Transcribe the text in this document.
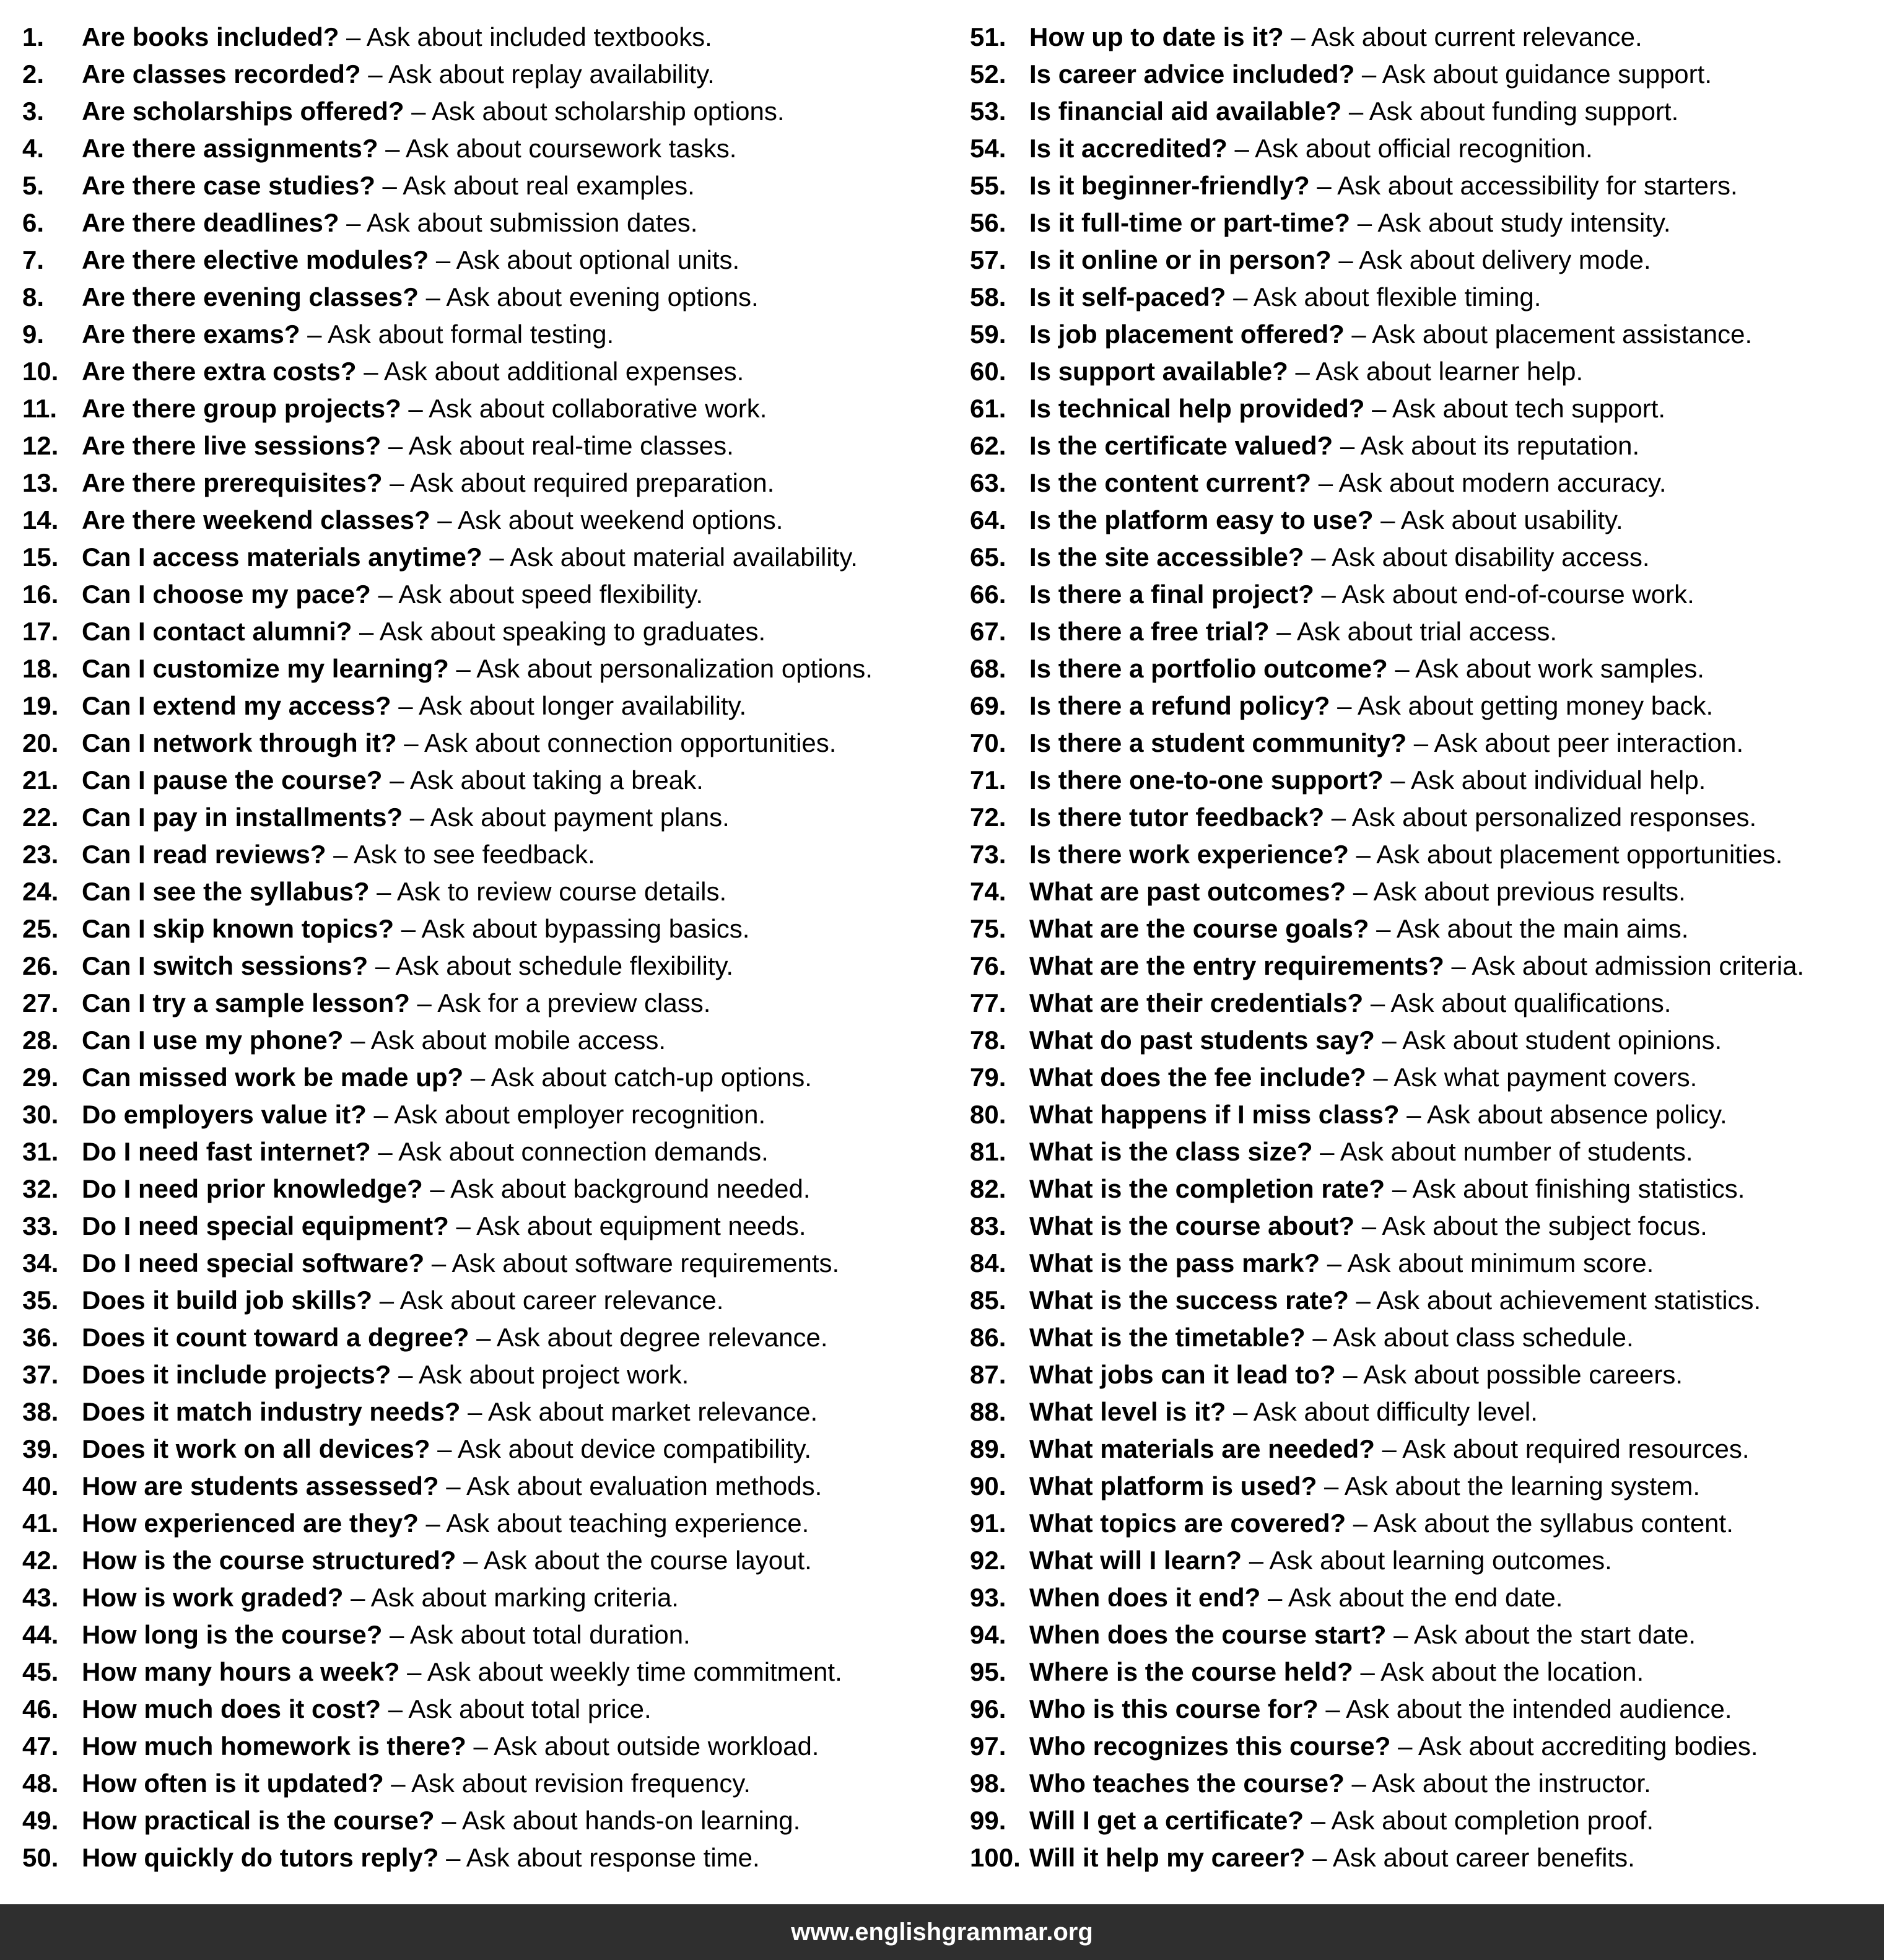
1. Are books included? – Ask about included textbooks.
2. Are classes recorded? – Ask about replay availability.
3. Are scholarships offered? – Ask about scholarship options.
4. Are there assignments? – Ask about coursework tasks.
5. Are there case studies? – Ask about real examples.
6. Are there deadlines? – Ask about submission dates.
7. Are there elective modules? – Ask about optional units.
8. Are there evening classes? – Ask about evening options.
9. Are there exams? – Ask about formal testing.
10. Are there extra costs? – Ask about additional expenses.
11. Are there group projects? – Ask about collaborative work.
12. Are there live sessions? – Ask about real-time classes.
13. Are there prerequisites? – Ask about required preparation.
14. Are there weekend classes? – Ask about weekend options.
15. Can I access materials anytime? – Ask about material availability.
16. Can I choose my pace? – Ask about speed flexibility.
17. Can I contact alumni? – Ask about speaking to graduates.
18. Can I customize my learning? – Ask about personalization options.
19. Can I extend my access? – Ask about longer availability.
20. Can I network through it? – Ask about connection opportunities.
21. Can I pause the course? – Ask about taking a break.
22. Can I pay in installments? – Ask about payment plans.
23. Can I read reviews? – Ask to see feedback.
24. Can I see the syllabus? – Ask to review course details.
25. Can I skip known topics? – Ask about bypassing basics.
26. Can I switch sessions? – Ask about schedule flexibility.
27. Can I try a sample lesson? – Ask for a preview class.
28. Can I use my phone? – Ask about mobile access.
29. Can missed work be made up? – Ask about catch-up options.
30. Do employers value it? – Ask about employer recognition.
31. Do I need fast internet? – Ask about connection demands.
32. Do I need prior knowledge? – Ask about background needed.
33. Do I need special equipment? – Ask about equipment needs.
34. Do I need special software? – Ask about software requirements.
35. Does it build job skills? – Ask about career relevance.
36. Does it count toward a degree? – Ask about degree relevance.
37. Does it include projects? – Ask about project work.
38. Does it match industry needs? – Ask about market relevance.
39. Does it work on all devices? – Ask about device compatibility.
40. How are students assessed? – Ask about evaluation methods.
41. How experienced are they? – Ask about teaching experience.
42. How is the course structured? – Ask about the course layout.
43. How is work graded? – Ask about marking criteria.
44. How long is the course? – Ask about total duration.
45. How many hours a week? – Ask about weekly time commitment.
46. How much does it cost? – Ask about total price.
47. How much homework is there? – Ask about outside workload.
48. How often is it updated? – Ask about revision frequency.
49. How practical is the course? – Ask about hands-on learning.
50. How quickly do tutors reply? – Ask about response time.
51. How up to date is it? – Ask about current relevance.
52. Is career advice included? – Ask about guidance support.
53. Is financial aid available? – Ask about funding support.
54. Is it accredited? – Ask about official recognition.
55. Is it beginner-friendly? – Ask about accessibility for starters.
56. Is it full-time or part-time? – Ask about study intensity.
57. Is it online or in person? – Ask about delivery mode.
58. Is it self-paced? – Ask about flexible timing.
59. Is job placement offered? – Ask about placement assistance.
60. Is support available? – Ask about learner help.
61. Is technical help provided? – Ask about tech support.
62. Is the certificate valued? – Ask about its reputation.
63. Is the content current? – Ask about modern accuracy.
64. Is the platform easy to use? – Ask about usability.
65. Is the site accessible? – Ask about disability access.
66. Is there a final project? – Ask about end-of-course work.
67. Is there a free trial? – Ask about trial access.
68. Is there a portfolio outcome? – Ask about work samples.
69. Is there a refund policy? – Ask about getting money back.
70. Is there a student community? – Ask about peer interaction.
71. Is there one-to-one support? – Ask about individual help.
72. Is there tutor feedback? – Ask about personalized responses.
73. Is there work experience? – Ask about placement opportunities.
74. What are past outcomes? – Ask about previous results.
75. What are the course goals? – Ask about the main aims.
76. What are the entry requirements? – Ask about admission criteria.
77. What are their credentials? – Ask about qualifications.
78. What do past students say? – Ask about student opinions.
79. What does the fee include? – Ask what payment covers.
80. What happens if I miss class? – Ask about absence policy.
81. What is the class size? – Ask about number of students.
82. What is the completion rate? – Ask about finishing statistics.
83. What is the course about? – Ask about the subject focus.
84. What is the pass mark? – Ask about minimum score.
85. What is the success rate? – Ask about achievement statistics.
86. What is the timetable? – Ask about class schedule.
87. What jobs can it lead to? – Ask about possible careers.
88. What level is it? – Ask about difficulty level.
89. What materials are needed? – Ask about required resources.
90. What platform is used? – Ask about the learning system.
91. What topics are covered? – Ask about the syllabus content.
92. What will I learn? – Ask about learning outcomes.
93. When does it end? – Ask about the end date.
94. When does the course start? – Ask about the start date.
95. Where is the course held? – Ask about the location.
96. Who is this course for? – Ask about the intended audience.
97. Who recognizes this course? – Ask about accrediting bodies.
98. Who teaches the course? – Ask about the instructor.
99. Will I get a certificate? – Ask about completion proof.
100. Will it help my career? – Ask about career benefits.
www.englishgrammar.org
